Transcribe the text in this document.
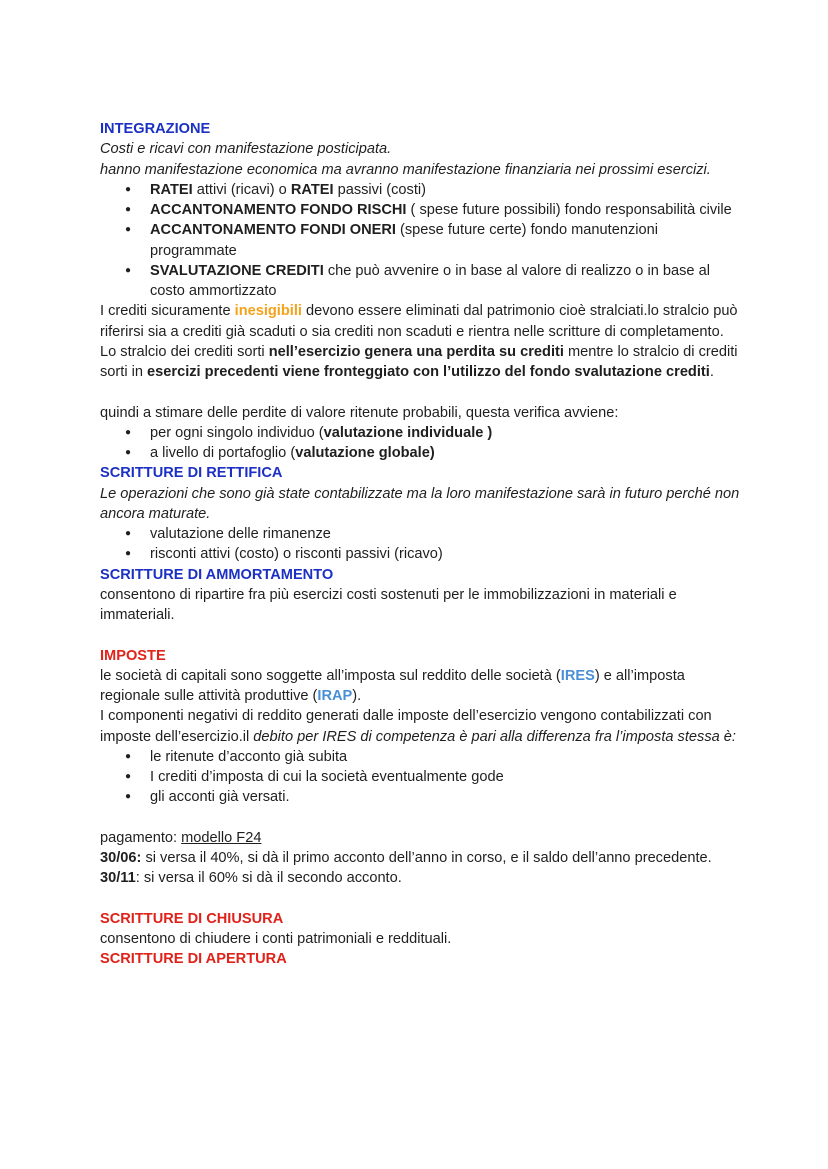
INTEGRAZIONE

Costi e ricavi con manifestazione posticipata.

hanno manifestazione economica ma avranno manifestazione finanziaria nei prossimi esercizi.

● RATEI attivi (ricavi) o RATEI passivi (costi)
● ACCANTONAMENTO FONDO RISCHI ( spese future possibili) fondo responsabilità civile
● ACCANTONAMENTO FONDI ONERI (spese future certe) fondo manutenzioni programmate
● SVALUTAZIONE CREDITI che può avvenire o in base al valore di realizzo o in base al costo ammortizzato

I crediti sicuramente inesigibili devono essere eliminati dal patrimonio cioè stralciati.lo stralcio può riferirsi sia a crediti già scaduti o sia crediti non scaduti e rientra nelle scritture di completamento. Lo stralcio dei crediti sorti nell’esercizio genera una perdita su crediti mentre lo stralcio di crediti sorti in esercizi precedenti viene fronteggiato con l’utilizzo del fondo svalutazione crediti.

quindi a stimare delle perdite di valore ritenute probabili, questa verifica avviene:

● per ogni singolo individuo (valutazione individuale )
● a livello di portafoglio (valutazione globale)

SCRITTURE DI RETTIFICA

Le operazioni che sono già state contabilizzate ma la loro manifestazione sarà in futuro perché non ancora maturate.

● valutazione delle rimanenze
● risconti attivi (costo) o risconti passivi (ricavo)

SCRITTURE DI AMMORTAMENTO

consentono di ripartire fra più esercizi costi sostenuti per le immobilizzazioni in materiali e immateriali.

IMPOSTE

le società di capitali sono soggette all’imposta sul reddito delle società (IRES) e all’imposta regionale sulle attività produttive (IRAP).

I componenti negativi di reddito generati dalle imposte dell’esercizio vengono contabilizzati con imposte dell’esercizio.il debito per IRES di competenza è pari alla differenza fra l’imposta stessa è:

● le ritenute d’acconto già subita
● I crediti d’imposta di cui la società eventualmente gode
● gli acconti già versati.

pagamento: modello F24

30/06: si versa il 40%, si dà il primo acconto dell’anno in corso, e il saldo dell’anno precedente.

30/11: si versa il 60% si dà il secondo acconto.

SCRITTURE DI CHIUSURA

consentono di chiudere i conti patrimoniali e reddituali.

SCRITTURE DI APERTURA
